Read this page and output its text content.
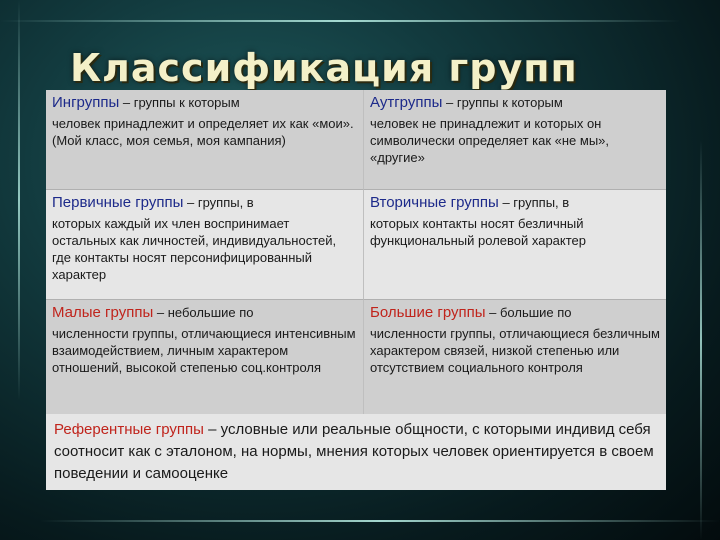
Классификация групп
Ингруппы – группы к которым
человек принадлежит и определяет их как «мои». (Мой класс, моя семья, моя кампания)
Аутгруппы – группы к которым
человек не принадлежит и которых он символически определяет как «не мы», «другие»
Первичные группы – группы, в
которых каждый их член воспринимает остальных как личностей, индивидуальностей, где контакты носят персонифицированный характер
Вторичные группы – группы, в
которых контакты носят безличный функциональный ролевой характер
Малые группы – небольшие по
численности группы, отличающиеся интенсивным взаимодействием, личным характером отношений, высокой степенью соц.контроля
Большие группы – большие по
численности группы, отличающиеся безличным характером связей, низкой степенью или отсутствием социального контроля
Референтные группы – условные или реальные общности, с которыми индивид себя соотносит как с эталоном, на нормы, мнения которых человек ориентируется в своем поведении и самооценке
